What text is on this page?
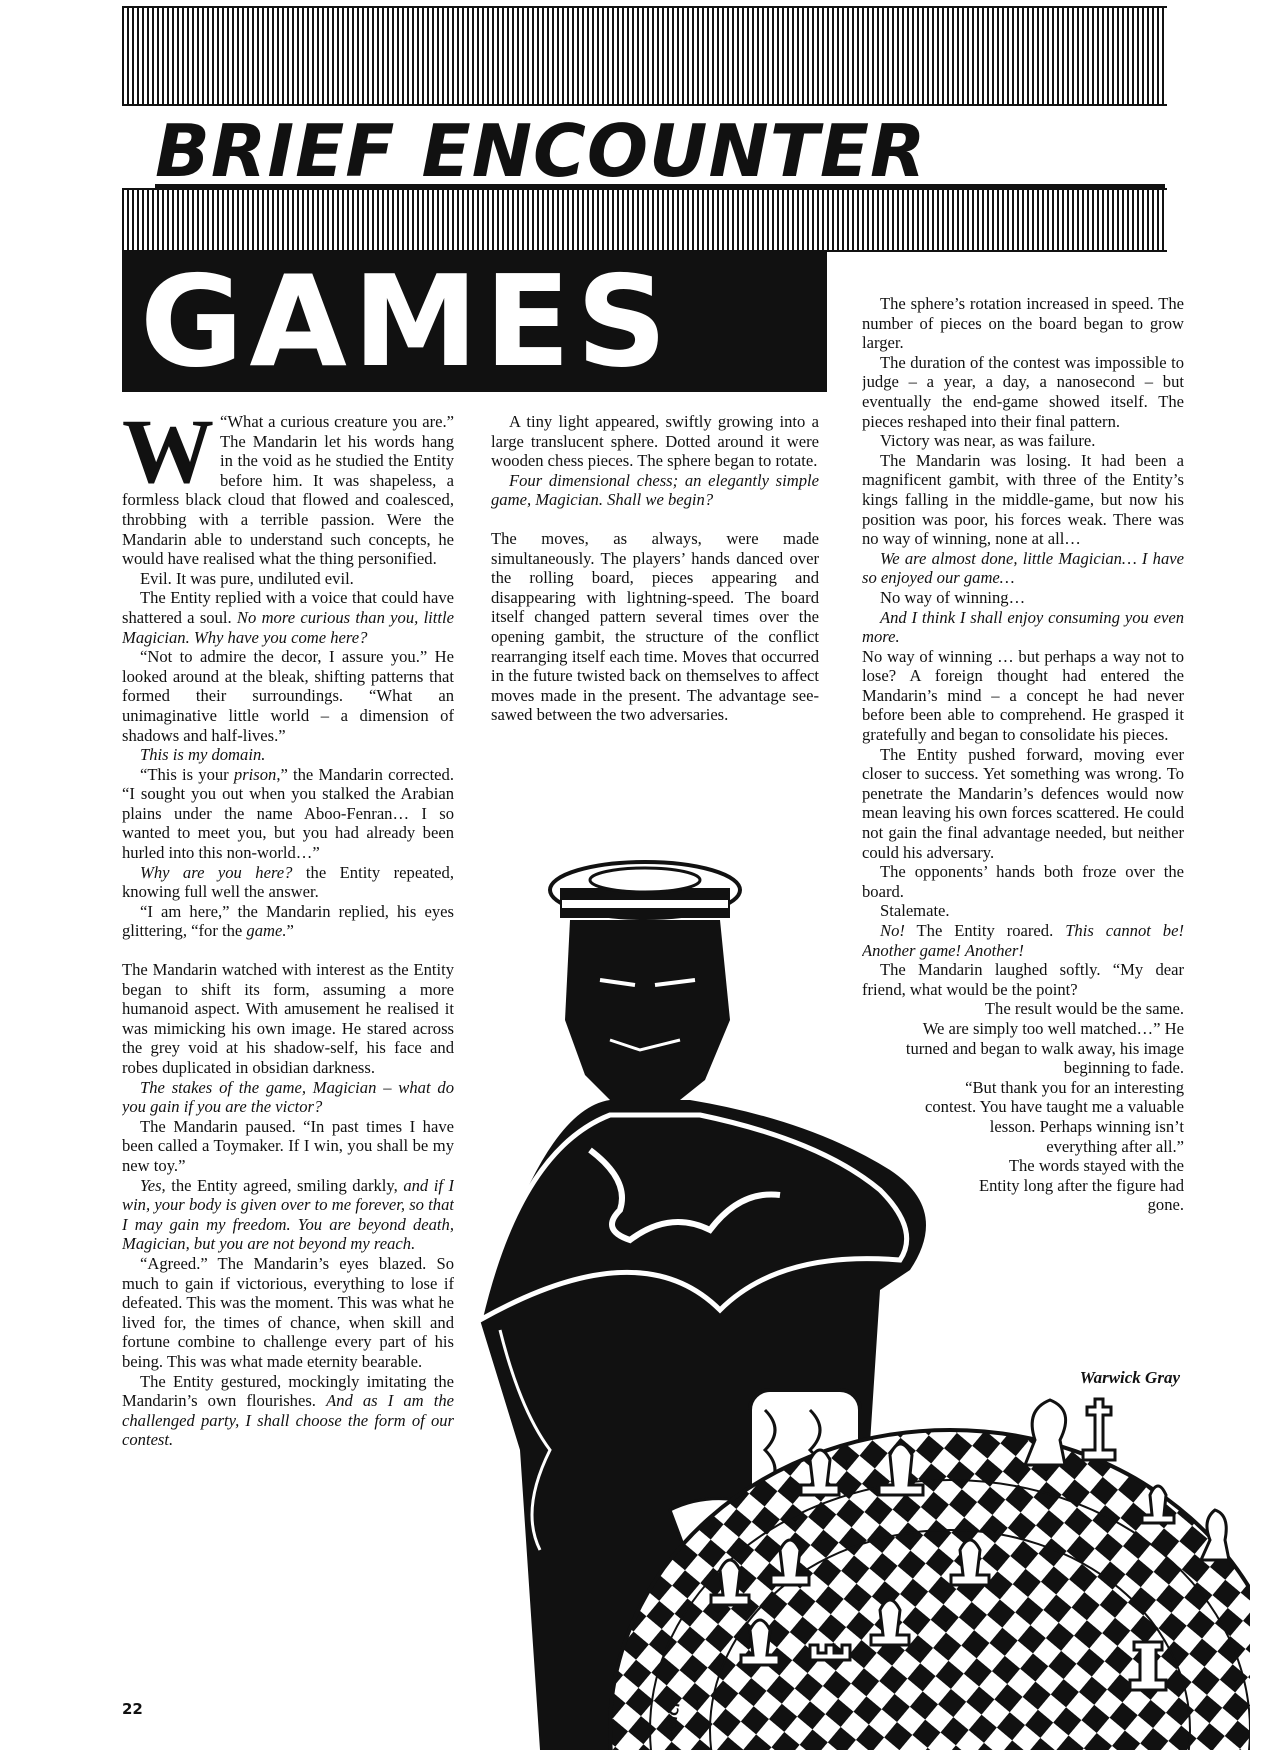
BRIEF ENCOUNTER
GAMES

W “What a curious creature you are.” The Mandarin let his words hang in the void as he studied the Entity before him. It was shapeless, a formless black cloud that flowed and coalesced, throbbing with a terrible passion. Were the Mandarin able to understand such concepts, he would have realised what the thing personified.

Evil. It was pure, undiluted evil.

The Entity replied with a voice that could have shattered a soul. No more curious than you, little Magician. Why have you come here?

“Not to admire the decor, I assure you.” He looked around at the bleak, shifting patterns that formed their surroundings. “What an unimaginative little world – a dimension of shadows and half-lives.”

This is my domain.

“This is your prison,” the Mandarin corrected. “I sought you out when you stalked the Arabian plains under the name Aboo-Fenran… I so wanted to meet you, but you had already been hurled into this non-world…”

Why are you here? the Entity repeated, knowing full well the answer.

“I am here,” the Mandarin replied, his eyes glittering, “for the game.”

The Mandarin watched with interest as the Entity began to shift its form, assuming a more humanoid aspect. With amusement he realised it was mimicking his own image. He stared across the grey void at his shadow-self, his face and robes duplicated in obsidian darkness.

The stakes of the game, Magician – what do you gain if you are the victor?

The Mandarin paused. “In past times I have been called a Toymaker. If I win, you shall be my new toy.”

Yes, the Entity agreed, smiling darkly, and if I win, your body is given over to me forever, so that I may gain my freedom. You are beyond death, Magician, but you are not beyond my reach.

“Agreed.” The Mandarin’s eyes blazed. So much to gain if victorious, everything to lose if defeated. This was the moment. This was what he lived for, the times of chance, when skill and fortune combine to challenge every part of his being. This was what made eternity bearable.

The Entity gestured, mockingly imitating the Mandarin’s own flourishes. And as I am the challenged party, I shall choose the form of our contest.

A tiny light appeared, swiftly growing into a large translucent sphere. Dotted around it were wooden chess pieces. The sphere began to rotate.

Four dimensional chess; an elegantly simple game, Magician. Shall we begin?

The moves, as always, were made simultaneously. The players’ hands danced over the rolling board, pieces appearing and disappearing with lightning-speed. The board itself changed pattern several times over the opening gambit, the structure of the conflict rearranging itself each time. Moves that occurred in the future twisted back on themselves to affect moves made in the present. The advantage see-sawed between the two adversaries.

VICK

The sphere’s rotation increased in speed. The number of pieces on the board began to grow larger.

The duration of the contest was impossible to judge – a year, a day, a nanosecond – but eventually the end-game showed itself. The pieces reshaped into their final pattern.

Victory was near, as was failure.

The Mandarin was losing. It had been a magnificent gambit, with three of the Entity’s kings falling in the middle-game, but now his position was poor, his forces weak. There was no way of winning, none at all…

We are almost done, little Magician… I have so enjoyed our game…

No way of winning…

And I think I shall enjoy consuming you even more.

No way of winning … but perhaps a way not to lose? A foreign thought had entered the Mandarin’s mind – a concept he had never before been able to comprehend. He grasped it gratefully and began to consolidate his pieces.

The Entity pushed forward, moving ever closer to success. Yet something was wrong. To penetrate the Mandarin’s defences would now mean leaving his own forces scattered. He could not gain the final advantage needed, but neither could his adversary.

The opponents’ hands both froze over the board.

Stalemate.

No! The Entity roared. This cannot be! Another game! Another!

The Mandarin laughed softly. “My dear friend, what would be the point?

The result would be the same.

We are simply too well matched…” He turned and began to walk away, his image beginning to fade.

“But thank you for an interesting contest. You have taught me a valuable lesson. Perhaps winning isn’t everything after all.”

The words stayed with the Entity long after the figure had gone.

Warwick Gray
22
